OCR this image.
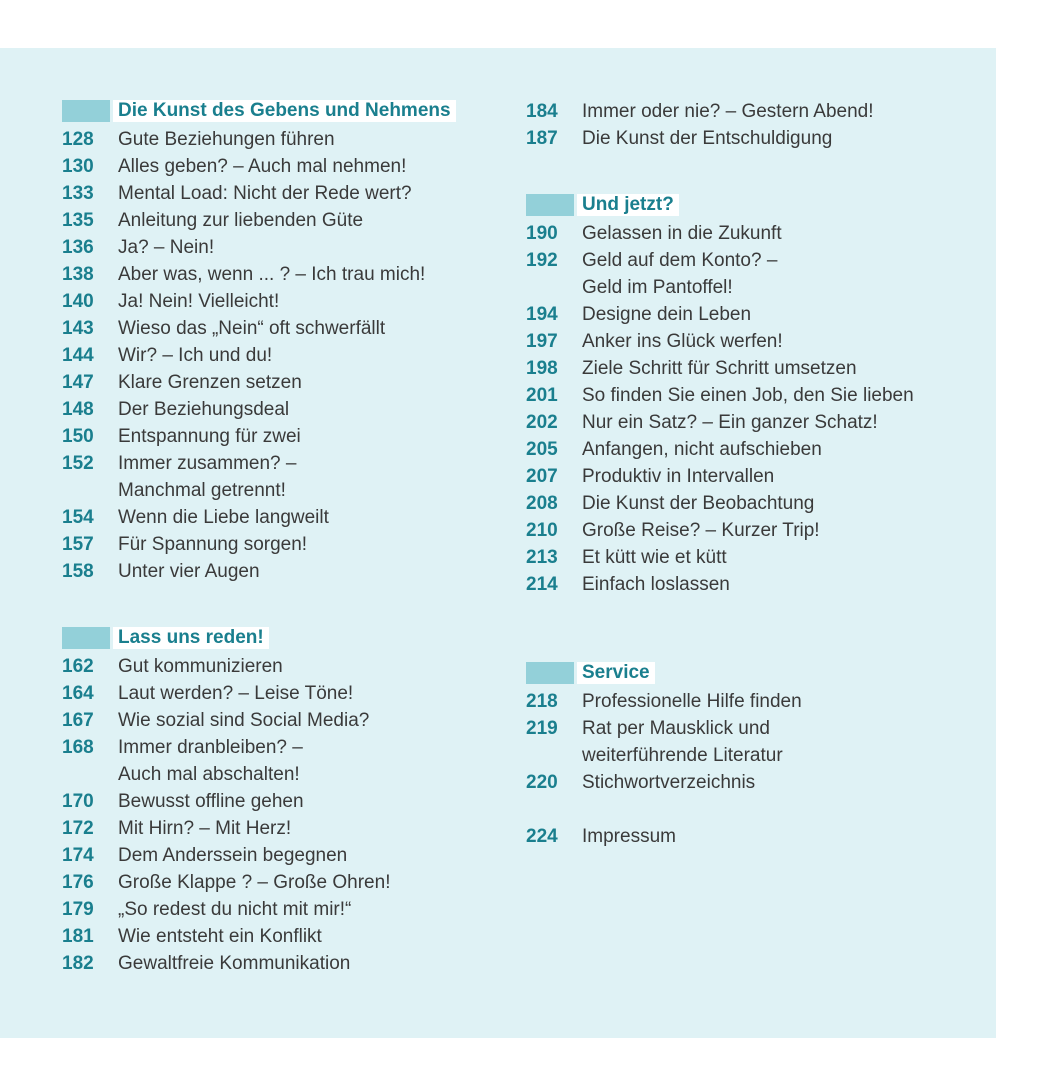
Die Kunst des Gebens und Nehmens
128	Gute Beziehungen führen
130	Alles geben? – Auch mal nehmen!
133	Mental Load: Nicht der Rede wert?
135	Anleitung zur liebenden Güte
136	Ja? – Nein!
138	Aber was, wenn ... ? – Ich trau mich!
140	Ja! Nein! Vielleicht!
143	Wieso das „Nein“ oft schwerfällt
144	Wir? – Ich und du!
147	Klare Grenzen setzen
148	Der Beziehungsdeal
150	Entspannung für zwei
152	Immer zusammen? –
Manchmal getrennt!
154	Wenn die Liebe langweilt
157	Für Spannung sorgen!
158	Unter vier Augen
Lass uns reden!
162	Gut kommunizieren
164	Laut werden? – Leise Töne!
167	Wie sozial sind Social Media?
168	Immer dranbleiben? –
Auch mal abschalten!
170	Bewusst offline gehen
172	Mit Hirn? – Mit Herz!
174	Dem Anderssein begegnen
176	Große Klappe ? – Große Ohren!
179	„So redest du nicht mit mir!“
181	Wie entsteht ein Konflikt
182	Gewaltfreie Kommunikation
184	Immer oder nie? – Gestern Abend!
187	Die Kunst der Entschuldigung
Und jetzt?
190	Gelassen in die Zukunft
192	Geld auf dem Konto? –
Geld im Pantoffel!
194	Designe dein Leben
197	Anker ins Glück werfen!
198	Ziele Schritt für Schritt umsetzen
201	So finden Sie einen Job, den Sie lieben
202	Nur ein Satz? – Ein ganzer Schatz!
205	Anfangen, nicht aufschieben
207	Produktiv in Intervallen
208	Die Kunst der Beobachtung
210	Große Reise? – Kurzer Trip!
213	Et kütt wie et kütt
214	Einfach loslassen
Service
218	Professionelle Hilfe finden
219	Rat per Mausklick und
weiterführende Literatur
220	Stichwortverzeichnis
224	Impressum
